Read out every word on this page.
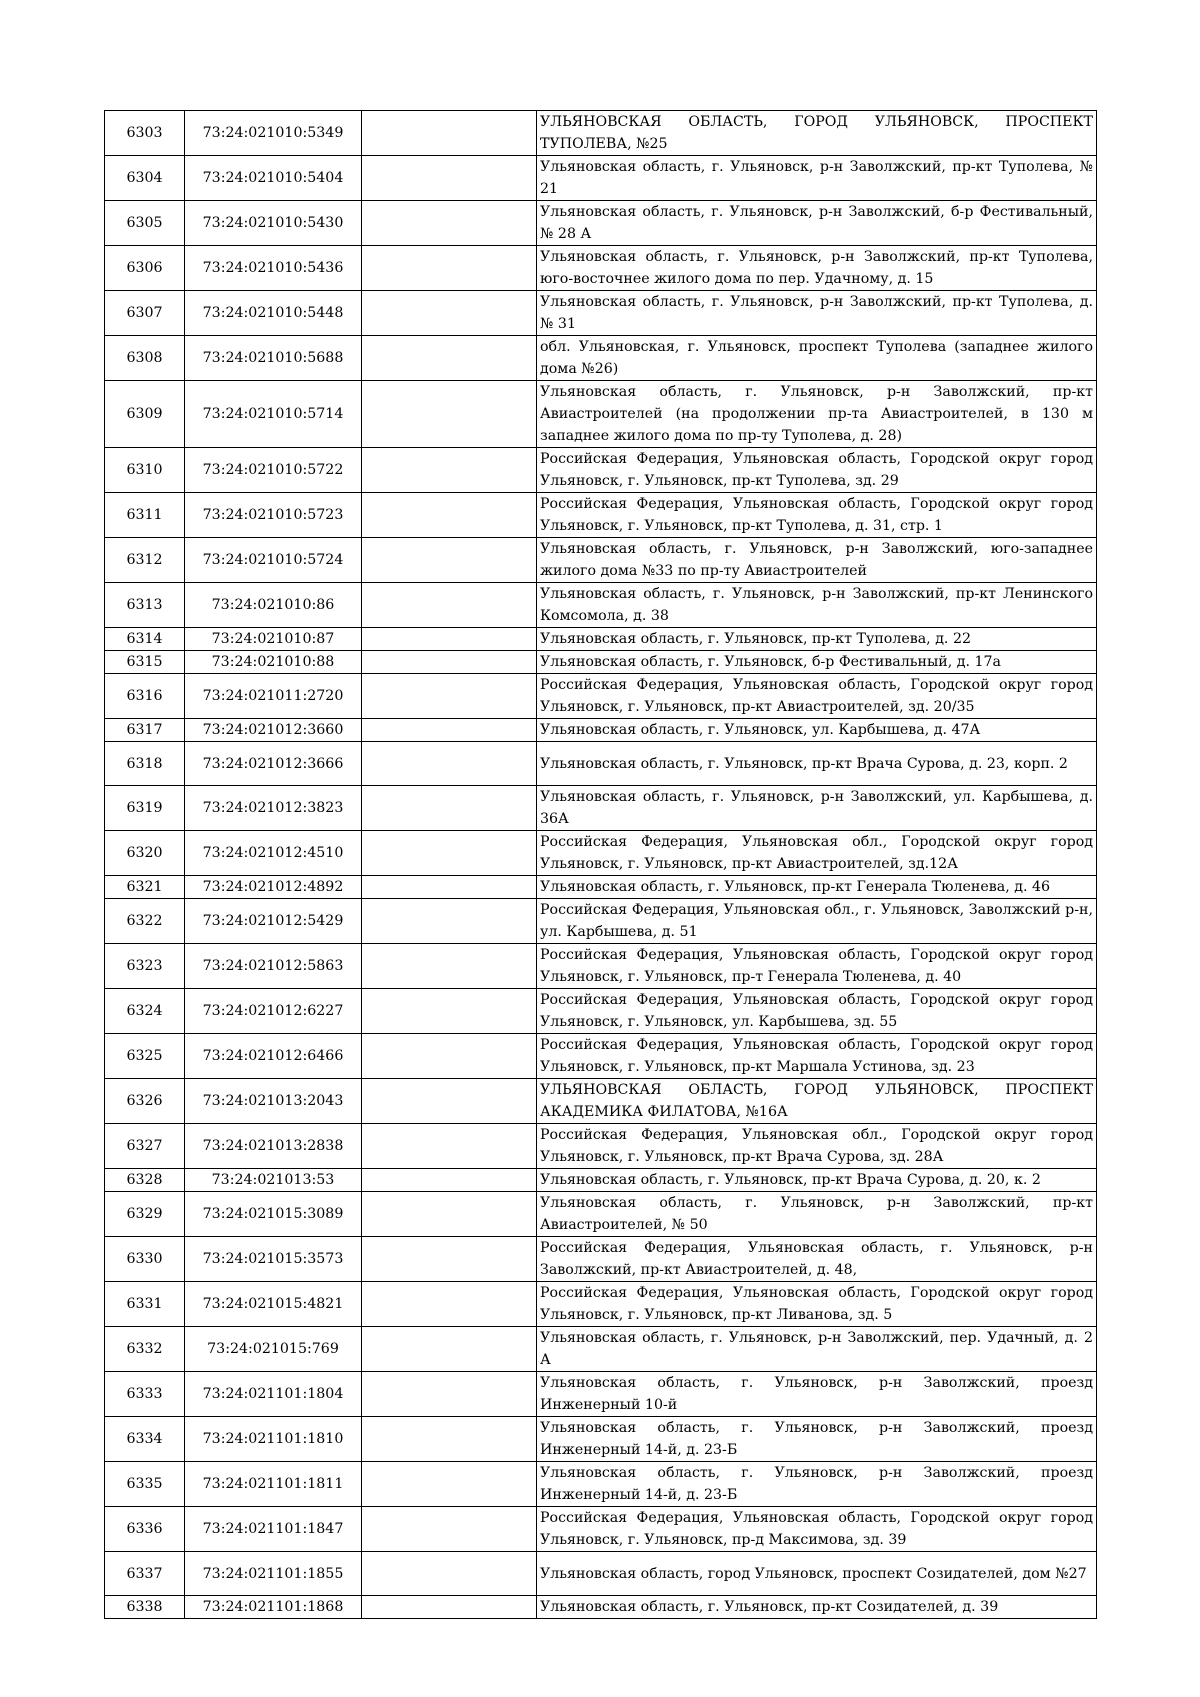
6303	73:24:021010:5349		УЛЬЯНОВСКАЯ ОБЛАСТЬ, ГОРОД УЛЬЯНОВСК, ПРОСПЕКТ ТУПОЛЕВА, №25
6304	73:24:021010:5404		Ульяновская область, г. Ульяновск, р-н Заволжский, пр-кт Туполева, № 21
6305	73:24:021010:5430		Ульяновская область, г. Ульяновск, р-н Заволжский, б-р Фестивальный, № 28 А
6306	73:24:021010:5436		Ульяновская область, г. Ульяновск, р-н Заволжский, пр-кт Туполева, юго-восточнее жилого дома по пер. Удачному, д. 15
6307	73:24:021010:5448		Ульяновская область, г. Ульяновск, р-н Заволжский, пр-кт Туполева, д. № 31
6308	73:24:021010:5688		обл. Ульяновская, г. Ульяновск, проспект Туполева (западнее жилого дома №26)
6309	73:24:021010:5714		Ульяновская область, г. Ульяновск, р-н Заволжский, пр-кт Авиастроителей (на продолжении пр-та Авиастроителей, в 130 м западнее жилого дома по пр-ту Туполева, д. 28)
6310	73:24:021010:5722		Российская Федерация, Ульяновская область, Городской округ город Ульяновск, г. Ульяновск, пр-кт Туполева, зд. 29
6311	73:24:021010:5723		Российская Федерация, Ульяновская область, Городской округ город Ульяновск, г. Ульяновск, пр-кт Туполева, д. 31, стр. 1
6312	73:24:021010:5724		Ульяновская область, г. Ульяновск, р-н Заволжский, юго-западнее жилого дома №33 по пр-ту Авиастроителей
6313	73:24:021010:86		Ульяновская область, г. Ульяновск, р-н Заволжский, пр-кт Ленинского Комсомола, д. 38
6314	73:24:021010:87		Ульяновская область, г. Ульяновск, пр-кт Туполева, д. 22
6315	73:24:021010:88		Ульяновская область, г. Ульяновск, б-р Фестивальный, д. 17а
6316	73:24:021011:2720		Российская Федерация, Ульяновская область, Городской округ город Ульяновск, г. Ульяновск, пр-кт Авиастроителей, зд. 20/35
6317	73:24:021012:3660		Ульяновская область, г. Ульяновск, ул. Карбышева, д. 47А
6318	73:24:021012:3666		Ульяновская область, г. Ульяновск, пр-кт Врача Сурова, д. 23, корп. 2
6319	73:24:021012:3823		Ульяновская область, г. Ульяновск, р-н Заволжский, ул. Карбышева, д. 36А
6320	73:24:021012:4510		Российская Федерация, Ульяновская обл., Городской округ город Ульяновск, г. Ульяновск, пр-кт Авиастроителей, зд.12А
6321	73:24:021012:4892		Ульяновская область, г. Ульяновск, пр-кт Генерала Тюленева, д. 46
6322	73:24:021012:5429		Российская Федерация, Ульяновская обл., г. Ульяновск, Заволжский р-н, ул. Карбышева, д. 51
6323	73:24:021012:5863		Российская Федерация, Ульяновская область, Городской округ город Ульяновск, г. Ульяновск, пр-т Генерала Тюленева, д. 40
6324	73:24:021012:6227		Российская Федерация, Ульяновская область, Городской округ город Ульяновск, г. Ульяновск, ул. Карбышева, зд. 55
6325	73:24:021012:6466		Российская Федерация, Ульяновская область, Городской округ город Ульяновск, г. Ульяновск, пр-кт Маршала Устинова, зд. 23
6326	73:24:021013:2043		УЛЬЯНОВСКАЯ ОБЛАСТЬ, ГОРОД УЛЬЯНОВСК, ПРОСПЕКТ АКАДЕМИКА ФИЛАТОВА, №16А
6327	73:24:021013:2838		Российская Федерация, Ульяновская обл., Городской округ город Ульяновск, г. Ульяновск, пр-кт Врача Сурова, зд. 28А
6328	73:24:021013:53		Ульяновская область, г. Ульяновск, пр-кт Врача Сурова, д. 20, к. 2
6329	73:24:021015:3089		Ульяновская область, г. Ульяновск, р-н Заволжский, пр-кт Авиастроителей, № 50
6330	73:24:021015:3573		Российская Федерация, Ульяновская область, г. Ульяновск, р-н Заволжский, пр-кт Авиастроителей, д. 48,
6331	73:24:021015:4821		Российская Федерация, Ульяновская область, Городской округ город Ульяновск, г. Ульяновск, пр-кт Ливанова, зд. 5
6332	73:24:021015:769		Ульяновская область, г. Ульяновск, р-н Заволжский, пер. Удачный, д. 2 А
6333	73:24:021101:1804		Ульяновская область, г. Ульяновск, р-н Заволжский, проезд Инженерный 10-й
6334	73:24:021101:1810		Ульяновская область, г. Ульяновск, р-н Заволжский, проезд Инженерный 14-й, д. 23-Б
6335	73:24:021101:1811		Ульяновская область, г. Ульяновск, р-н Заволжский, проезд Инженерный 14-й, д. 23-Б
6336	73:24:021101:1847		Российская Федерация, Ульяновская область, Городской округ город Ульяновск, г. Ульяновск, пр-д Максимова, зд. 39
6337	73:24:021101:1855		Ульяновская область, город Ульяновск, проспект Созидателей, дом №27
6338	73:24:021101:1868		Ульяновская область, г. Ульяновск, пр-кт Созидателей, д. 39
